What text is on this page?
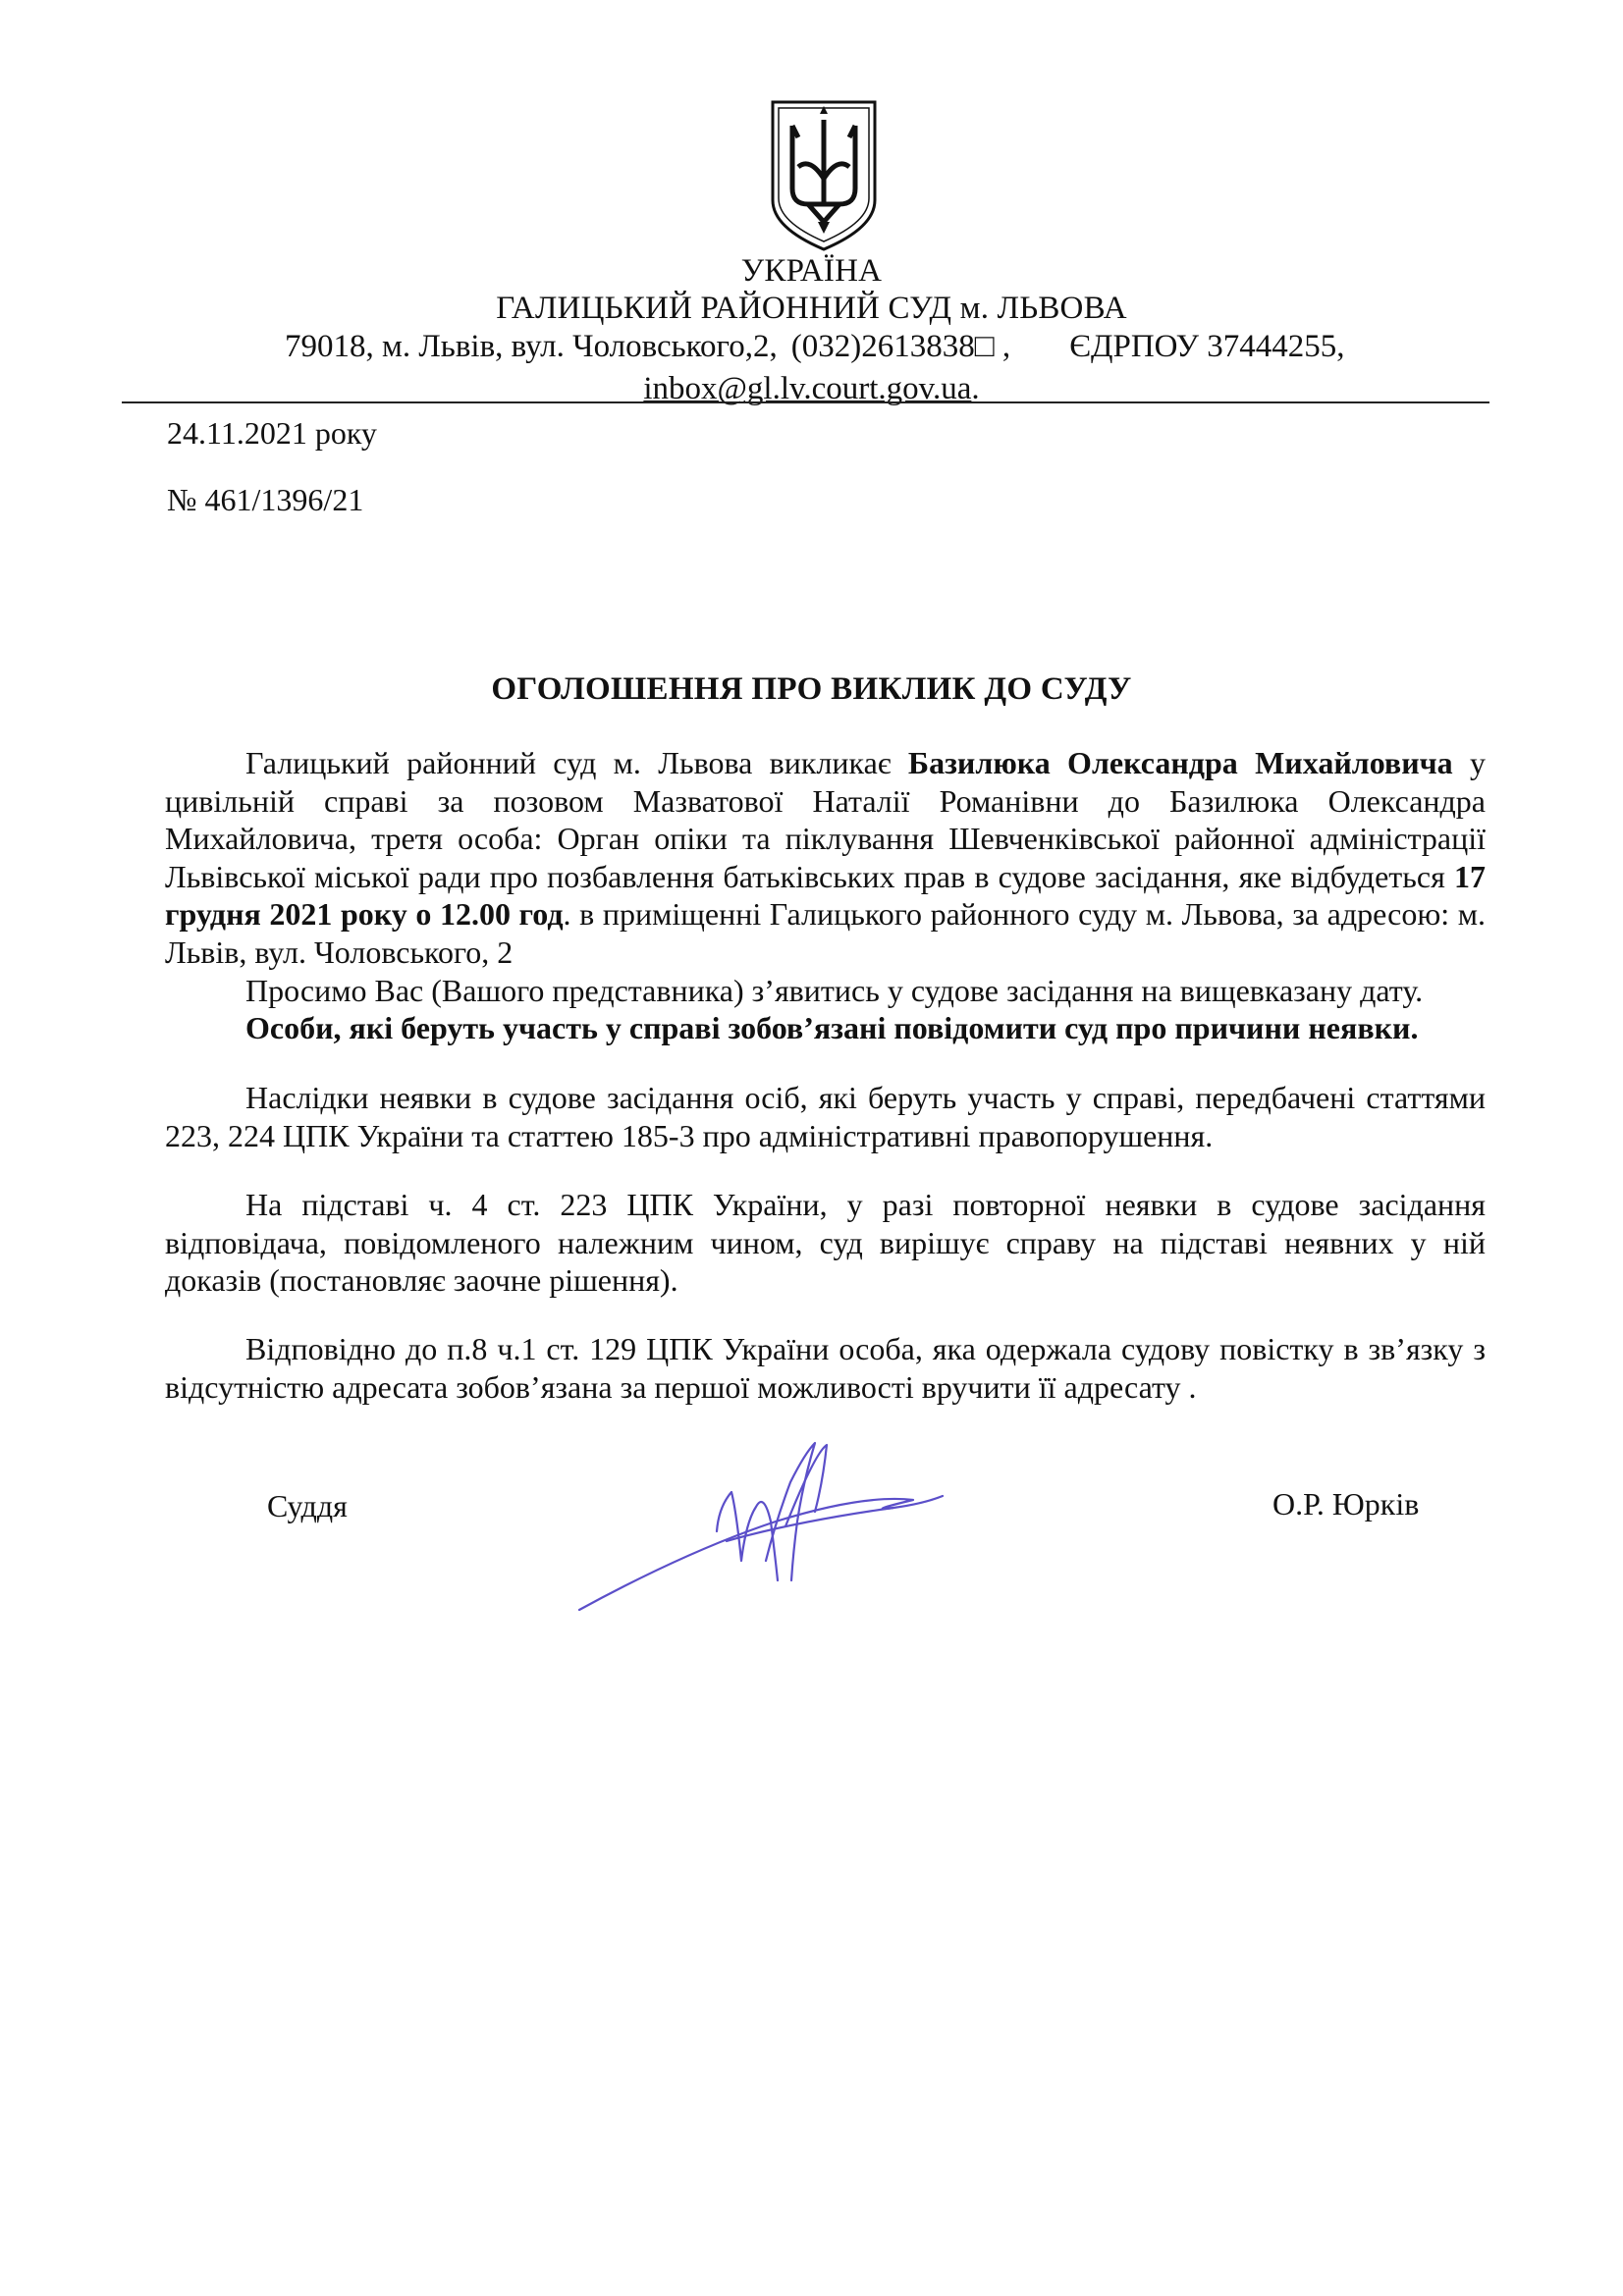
УКРАЇНА
ГАЛИЦЬКИЙ РАЙОННИЙ СУД м. ЛЬВОВА
79018, м. Львів, вул. Чоловського,2, (032)2613838□ , ЄДРПОУ 37444255,
inbox@gl.lv.court.gov.ua.
24.11.2021 року
№ 461/1396/21
ОГОЛОШЕННЯ ПРО ВИКЛИК ДО СУДУ
Галицький районний суд м. Львова викликає Базилюка Олександра Михайловича у цивільній справі за позовом Мазватової Наталії Романівни до Базилюка Олександра Михайловича, третя особа: Орган опіки та піклування Шевченківської районної адміністрації Львівської міської ради про позбавлення батьківських прав в судове засідання, яке відбудеться 17 грудня 2021 року о 12.00 год. в приміщенні Галицького районного суду м. Львова, за адресою: м. Львів, вул. Чоловського, 2
Просимо Вас (Вашого представника) з’явитись у судове засідання на вищевказану дату.
Особи, які беруть участь у справі зобов’язані повідомити суд про причини неявки.
Наслідки неявки в судове засідання осіб, які беруть участь у справі, передбачені статтями 223, 224 ЦПК України та статтею 185-3 про адміністративні правопорушення.
На підставі ч. 4 ст. 223 ЦПК України, у разі повторної неявки в судове засідання відповідача, повідомленого належним чином, суд вирішує справу на підставі неявних у ній доказів (постановляє заочне рішення).
Відповідно до п.8 ч.1 ст. 129 ЦПК України особа, яка одержала судову повістку в зв’язку з відсутністю адресата зобов’язана за першої можливості вручити її адресату .
Суддя	О.Р. Юрків
